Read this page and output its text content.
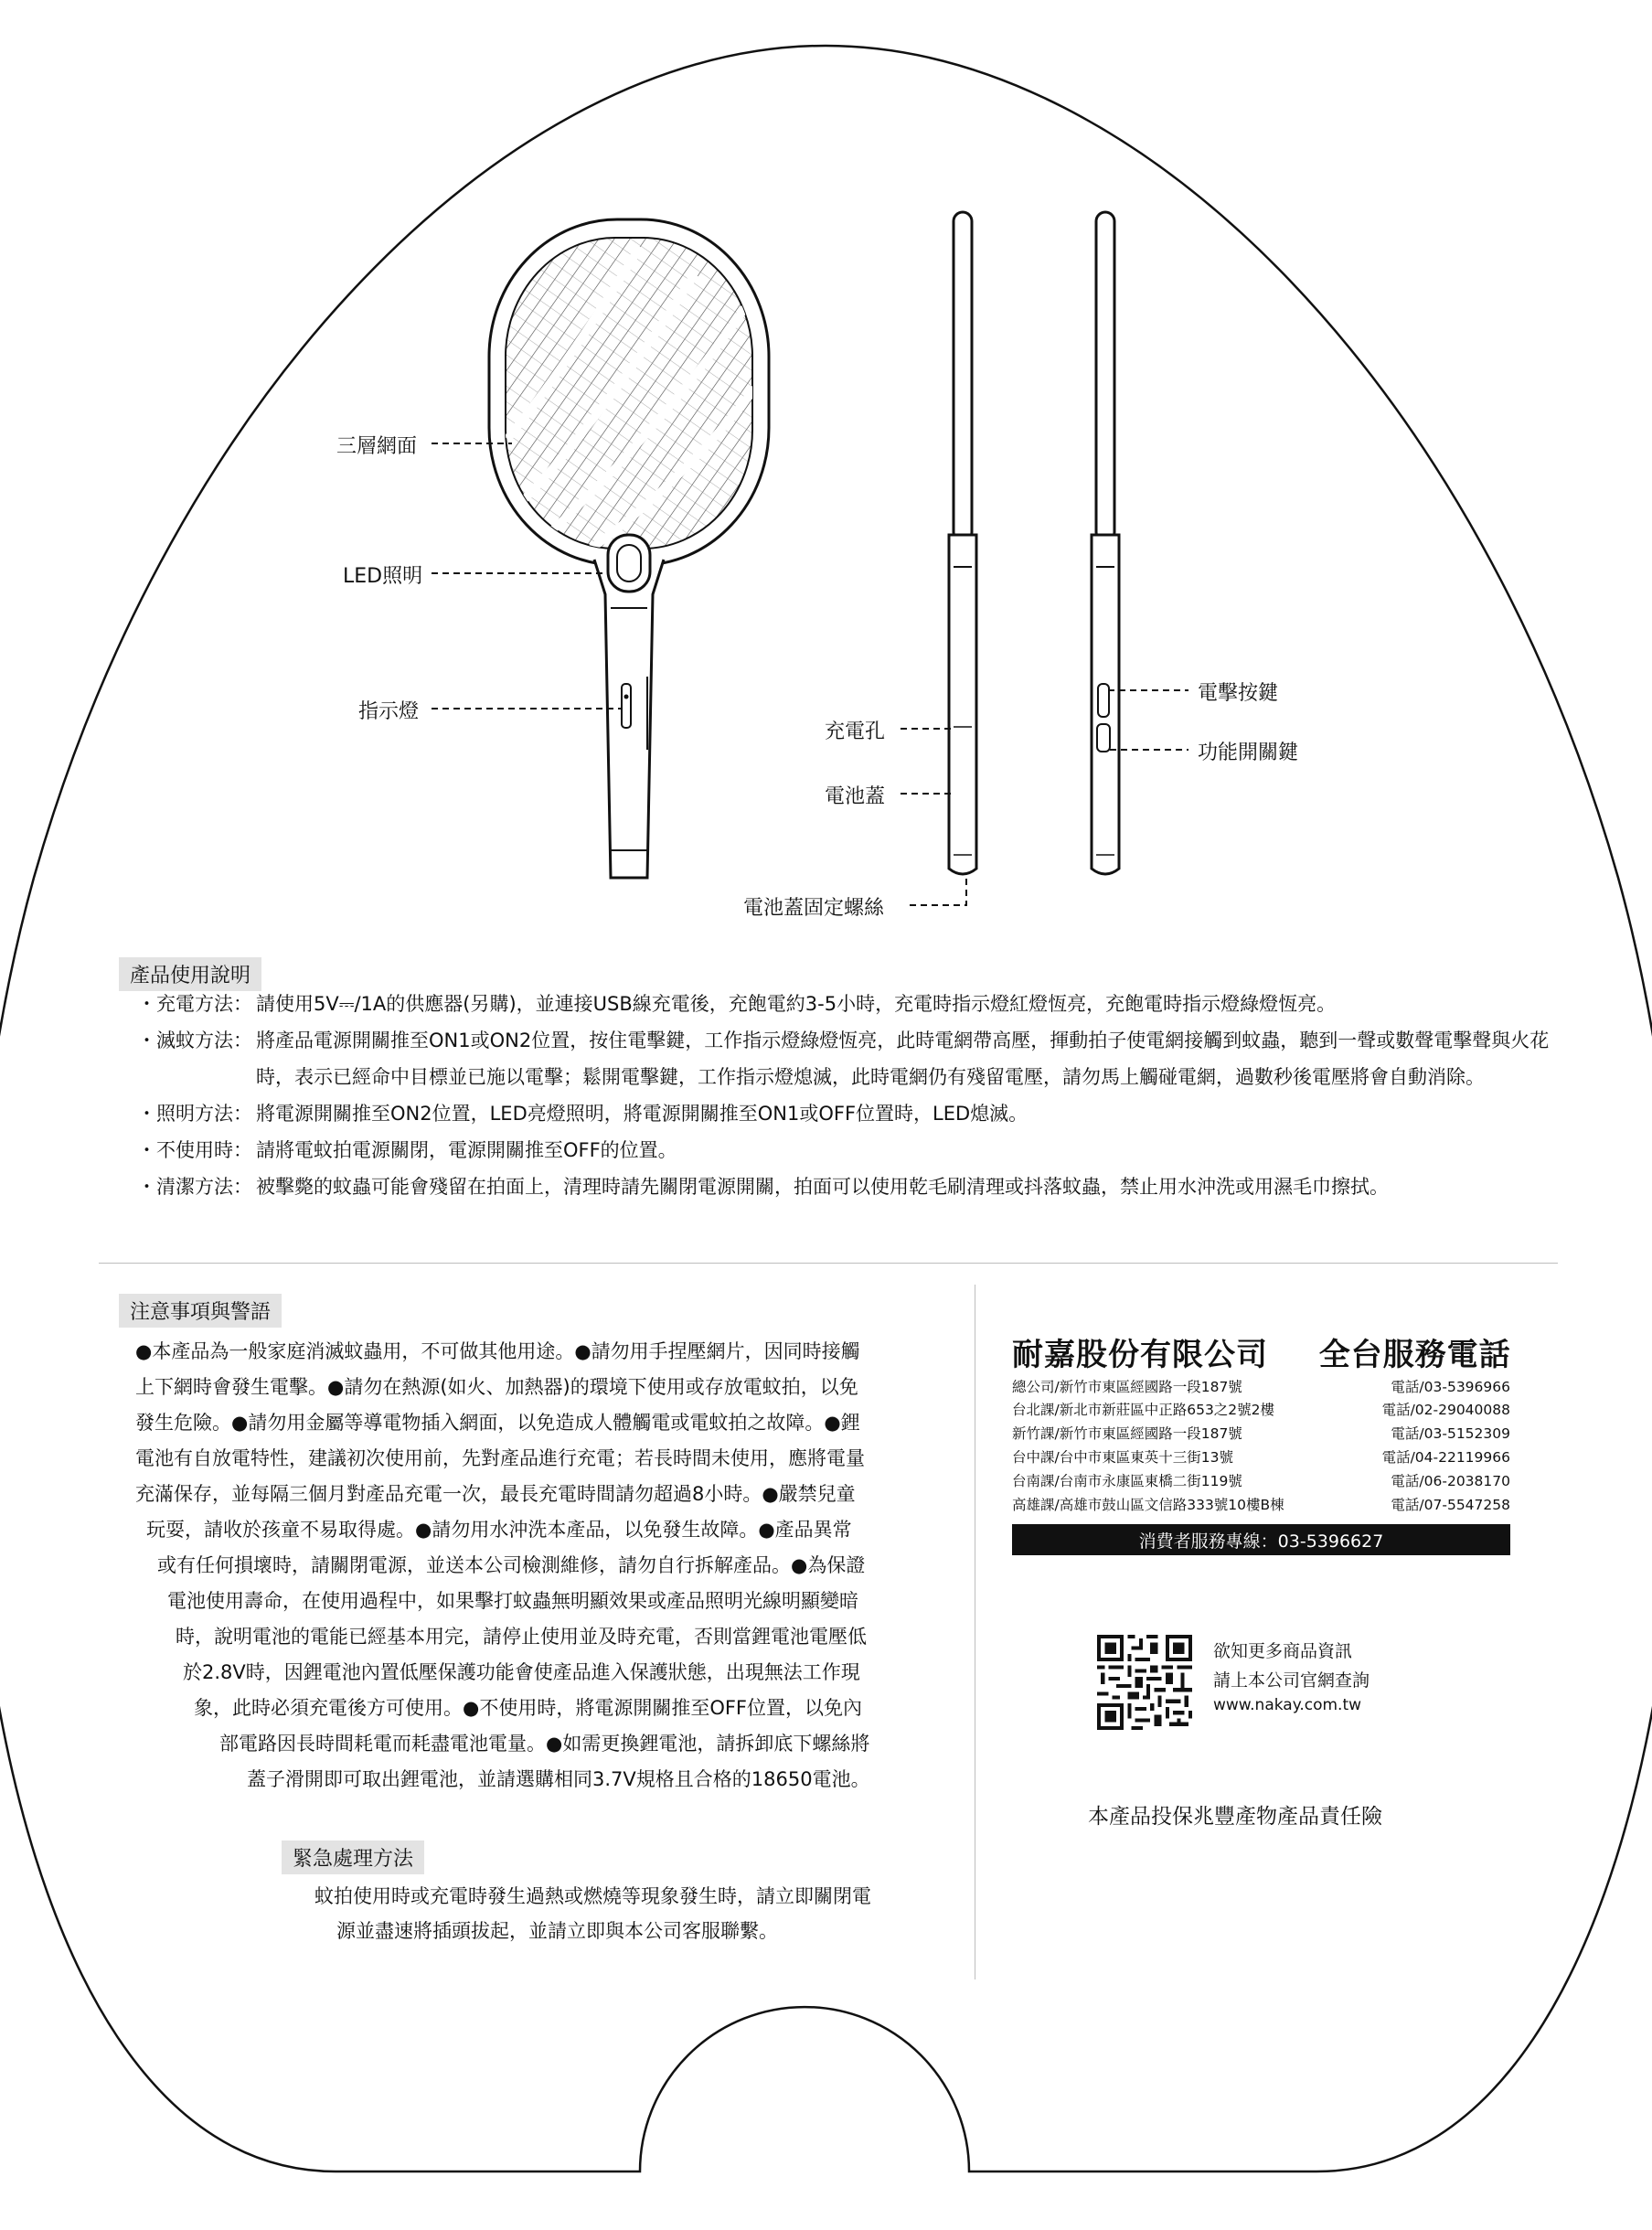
三層網面
LED照明
指示燈
充電孔
電池蓋
電池蓋固定螺絲
電擊按鍵
功能開關鍵
產品使用說明
・充電方法： 請使用5V⎓/1A的供應器(另購)，並連接USB線充電後，充飽電約3-5小時，充電時指示燈紅燈恆亮，充飽電時指示燈綠燈恆亮。
・滅蚊方法： 將產品電源開關推至ON1或ON2位置，按住電擊鍵，工作指示燈綠燈恆亮，此時電網帶高壓，揮動拍子使電網接觸到蚊蟲，聽到一聲或數聲電擊聲與火花時，表示已經命中目標並已施以電擊；鬆開電擊鍵，工作指示燈熄滅，此時電網仍有殘留電壓，請勿馬上觸碰電網，過數秒後電壓將會自動消除。
・照明方法： 將電源開關推至ON2位置，LED亮燈照明，將電源開關推至ON1或OFF位置時，LED熄滅。
・不使用時： 請將電蚊拍電源關閉，電源開關推至OFF的位置。
・清潔方法： 被擊斃的蚊蟲可能會殘留在拍面上，清理時請先關閉電源開關，拍面可以使用乾毛刷清理或抖落蚊蟲，禁止用水沖洗或用濕毛巾擦拭。
注意事項與警語
●本產品為一般家庭消滅蚊蟲用，不可做其他用途。●請勿用手捏壓網片，因同時接觸
上下網時會發生電擊。●請勿在熱源(如火、加熱器)的環境下使用或存放電蚊拍，以免
發生危險。●請勿用金屬等導電物插入網面，以免造成人體觸電或電蚊拍之故障。●鋰
電池有自放電特性，建議初次使用前，先對產品進行充電；若長時間未使用，應將電量
充滿保存，並每隔三個月對產品充電一次，最長充電時間請勿超過8小時。●嚴禁兒童
玩耍，請收於孩童不易取得處。●請勿用水沖洗本產品，以免發生故障。●產品異常
或有任何損壞時，請關閉電源，並送本公司檢測維修，請勿自行拆解產品。●為保證
電池使用壽命，在使用過程中，如果擊打蚊蟲無明顯效果或產品照明光線明顯變暗
時，說明電池的電能已經基本用完，請停止使用並及時充電，否則當鋰電池電壓低
於2.8V時，因鋰電池內置低壓保護功能會使產品進入保護狀態，出現無法工作現
象，此時必須充電後方可使用。●不使用時，將電源開關推至OFF位置，以免內
部電路因長時間耗電而耗盡電池電量。●如需更換鋰電池，請拆卸底下螺絲將
蓋子滑開即可取出鋰電池，並請選購相同3.7V規格且合格的18650電池。
緊急處理方法
蚊拍使用時或充電時發生過熱或燃燒等現象發生時，請立即關閉電
源並盡速將插頭拔起，並請立即與本公司客服聯繫。
耐嘉股份有限公司 全台服務電話
總公司/新竹市東區經國路一段187號	電話/03-5396966
台北課/新北市新莊區中正路653之2號2樓	電話/02-29040088
新竹課/新竹市東區經國路一段187號	電話/03-5152309
台中課/台中市東區東英十三街13號	電話/04-22119966
台南課/台南市永康區東橋二街119號	電話/06-2038170
高雄課/高雄市鼓山區文信路333號10樓B棟	電話/07-5547258
消費者服務專線：03-5396627
欲知更多商品資訊
請上本公司官網查詢
www.nakay.com.tw
本產品投保兆豐產物產品責任險
